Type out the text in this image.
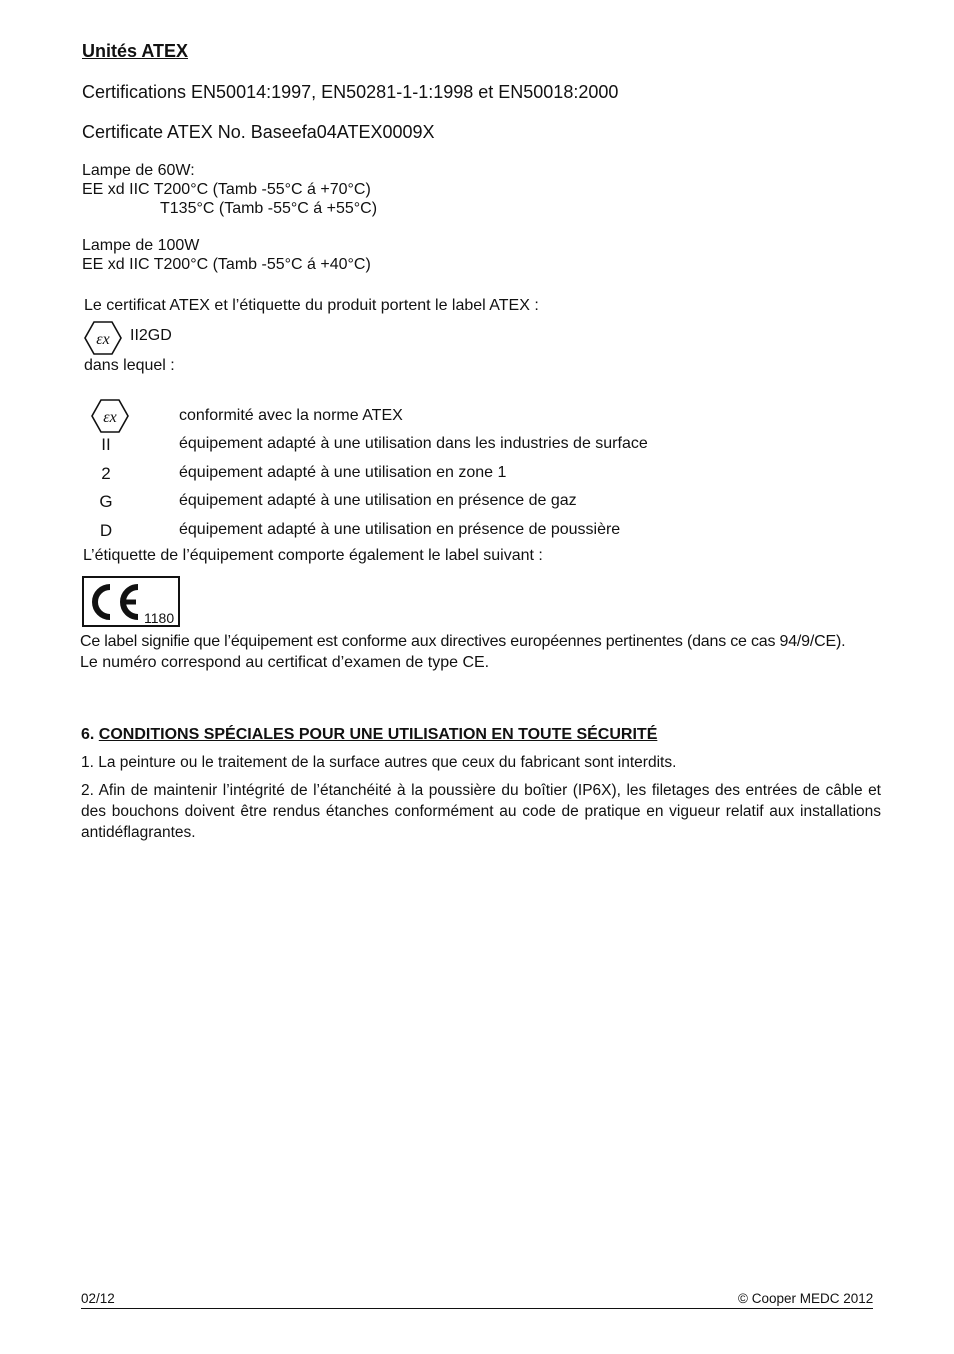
Unités ATEX
Certifications EN50014:1997, EN50281-1-1:1998 et EN50018:2000
Certificate ATEX No. Baseefa04ATEX0009X
Lampe de 60W:
EE xd IIC T200°C (Tamb -55°C á +70°C)
T135°C (Tamb -55°C á +55°C)
Lampe de 100W
EE xd IIC T200°C (Tamb -55°C á +40°C)
Le certificat ATEX et l’étiquette du produit portent le label ATEX :
εx II2GD
dans lequel :
εx	conformité avec la norme ATEX
II	équipement adapté à une utilisation dans les industries de surface
2	équipement adapté à une utilisation en zone 1
G	équipement adapté à une utilisation en présence de gaz
D	équipement adapté à une utilisation en présence de poussière
L’étiquette de l’équipement comporte également le label suivant :
1180
Ce label signifie que l’équipement est conforme aux directives européennes pertinentes (dans ce cas 94/9/CE).
Le numéro correspond au certificat d’examen de type CE.
6. CONDITIONS SPÉCIALES POUR UNE UTILISATION EN TOUTE SÉCURITÉ
1. La peinture ou le traitement de la surface autres que ceux du fabricant sont interdits.
2. Afin de maintenir l’intégrité de l’étanchéité à la poussière du boîtier (IP6X), les filetages des entrées de câble et des bouchons doivent être rendus étanches conformément au code de pratique en vigueur relatif aux installations antidéflagrantes.
02/12	© Cooper MEDC 2012
